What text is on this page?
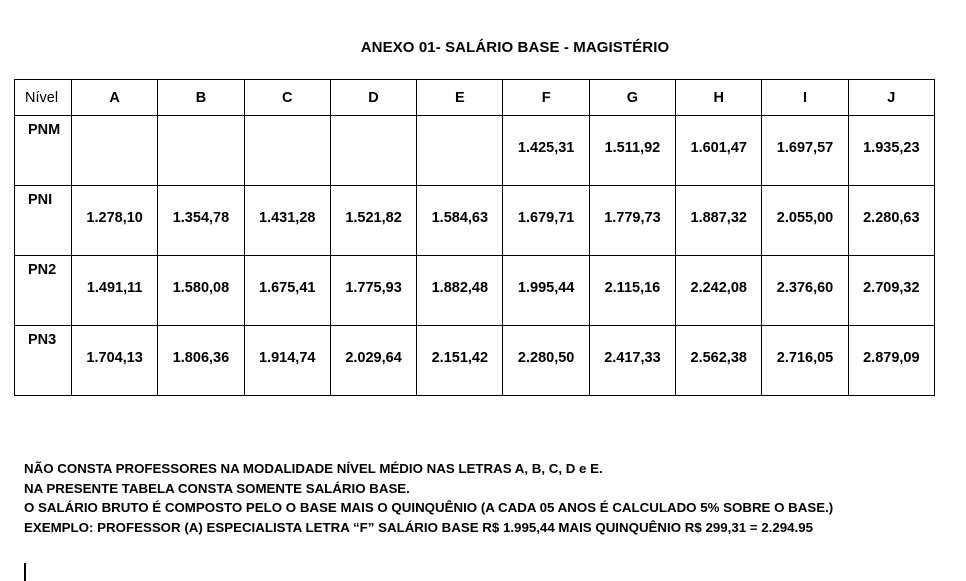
ANEXO 01- SALÁRIO BASE - MAGISTÉRIO
Nível	A	B	C	D	E	F	G	H	I	J
PNM						1.425,31	1.511,92	1.601,47	1.697,57	1.935,23
PNI	1.278,10	1.354,78	1.431,28	1.521,82	1.584,63	1.679,71	1.779,73	1.887,32	2.055,00	2.280,63
PN2	1.491,11	1.580,08	1.675,41	1.775,93	1.882,48	1.995,44	2.115,16	2.242,08	2.376,60	2.709,32
PN3	1.704,13	1.806,36	1.914,74	2.029,64	2.151,42	2.280,50	2.417,33	2.562,38	2.716,05	2.879,09
NÃO CONSTA PROFESSORES NA MODALIDADE NÍVEL MÉDIO NAS LETRAS A, B, C, D e E.
NA PRESENTE TABELA CONSTA SOMENTE SALÁRIO BASE.
O SALÁRIO BRUTO É COMPOSTO PELO O BASE MAIS O QUINQUÊNIO (A CADA 05 ANOS É CALCULADO 5% SOBRE O BASE.)
EXEMPLO: PROFESSOR (A) ESPECIALISTA LETRA “F” SALÁRIO BASE R$ 1.995,44 MAIS QUINQUÊNIO R$ 299,31 = 2.294.95
